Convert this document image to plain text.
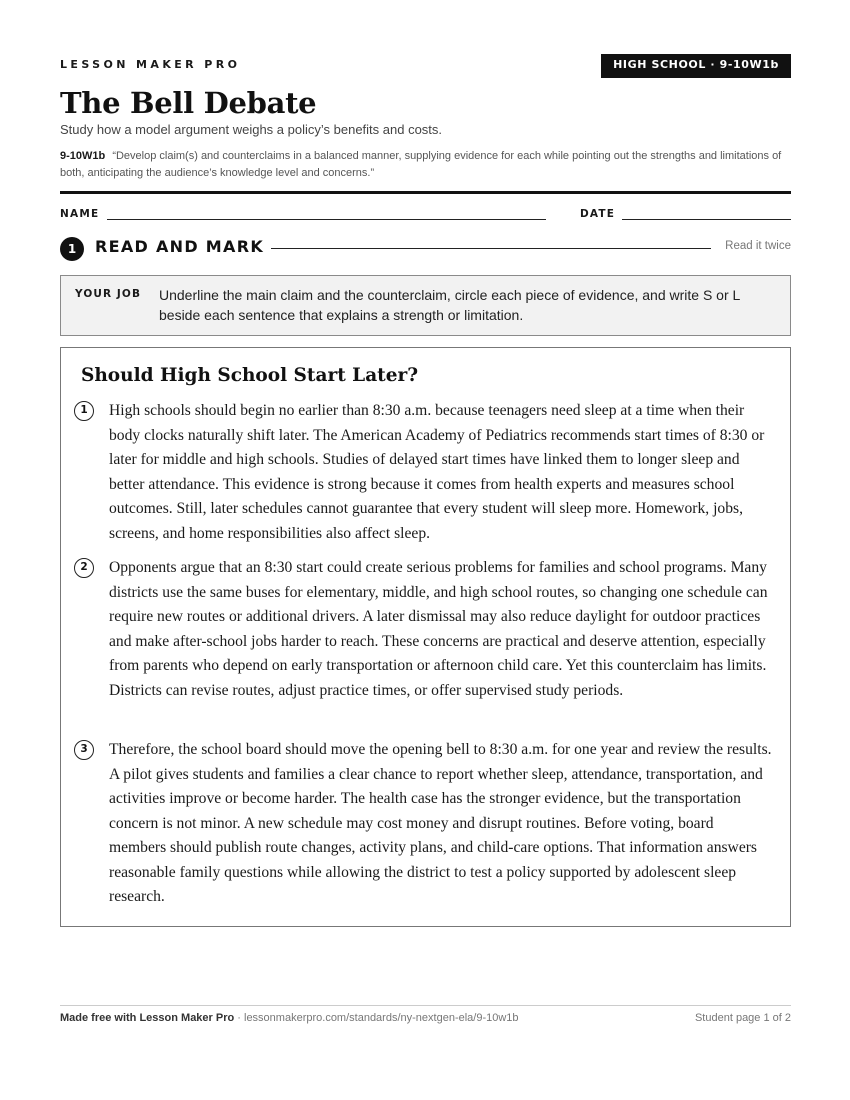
LESSON MAKER PRO	HIGH SCHOOL · 9-10W1b
The Bell Debate
Study how a model argument weighs a policy’s benefits and costs.
9-10W1b “Develop claim(s) and counterclaims in a balanced manner, supplying evidence for each while pointing out the strengths and limitations of both, anticipating the audience’s knowledge level and concerns.”
NAME	DATE
1	READ AND MARK	Read it twice
YOUR JOB Underline the main claim and the counterclaim, circle each piece of evidence, and write S or L beside each sentence that explains a strength or limitation.
Should High School Start Later?
1	High schools should begin no earlier than 8:30 a.m. because teenagers need sleep at a time when their body clocks naturally shift later. The American Academy of Pediatrics recommends start times of 8:30 or later for middle and high schools. Studies of delayed start times have linked them to longer sleep and better attendance. This evidence is strong because it comes from health experts and measures school outcomes. Still, later schedules cannot guarantee that every student will sleep more. Homework, jobs, screens, and home responsibilities also affect sleep.
2	Opponents argue that an 8:30 start could create serious problems for families and school programs. Many districts use the same buses for elementary, middle, and high school routes, so changing one schedule can require new routes or additional drivers. A later dismissal may also reduce daylight for outdoor practices and make after-school jobs harder to reach. These concerns are practical and deserve attention, especially from parents who depend on early transportation or afternoon child care. Yet this counterclaim has limits. Districts can revise routes, adjust practice times, or offer supervised study periods.
3	Therefore, the school board should move the opening bell to 8:30 a.m. for one year and review the results. A pilot gives students and families a clear chance to report whether sleep, attendance, transportation, and activities improve or become harder. The health case has the stronger evidence, but the transportation concern is not minor. A new schedule may cost money and disrupt routines. Before voting, board members should publish route changes, activity plans, and child-care options. That information answers reasonable family questions while allowing the district to test a policy supported by adolescent sleep research.
Made free with Lesson Maker Pro · lessonmakerpro.com/standards/ny-nextgen-ela/9-10w1b	Student page 1 of 2
